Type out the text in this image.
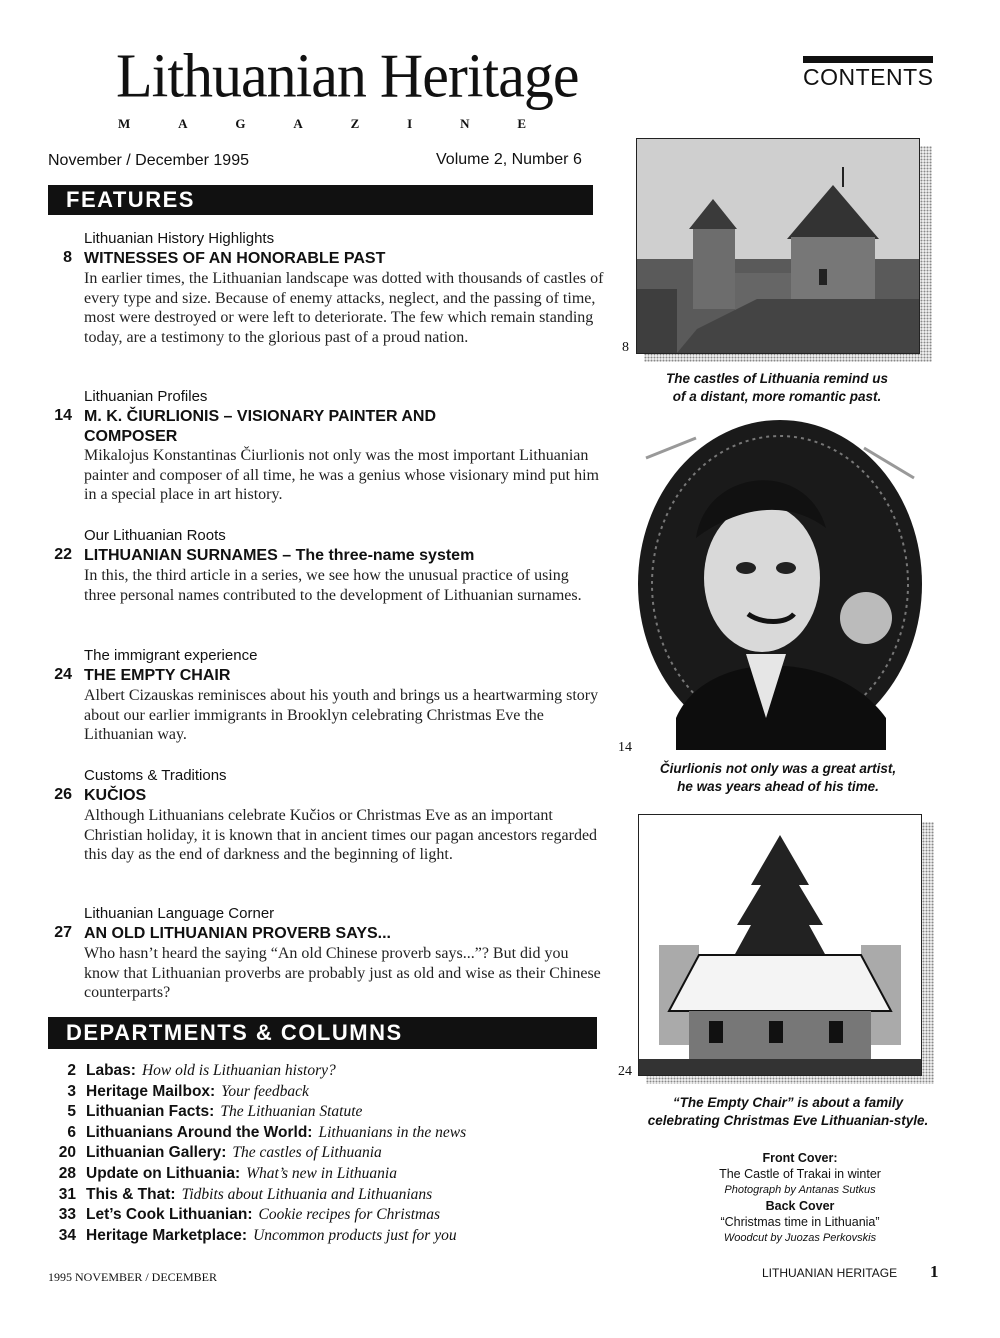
Lithuanian Heritage
M	A	G	A	Z	I	N	E
CONTENTS
November / December 1995	Volume 2, Number 6
FEATURES
Lithuanian History Highlights
8 WITNESSES OF AN HONORABLE PAST
In earlier times, the Lithuanian landscape was dotted with thousands of castles of every type and size. Because of enemy attacks, neglect, and the passing of time, most were destroyed or were left to deteriorate. The few which remain standing today, are a testimony to the glorious past of a proud nation.
Lithuanian Profiles
14 M. K. ČIURLIONIS – VISIONARY PAINTER AND COMPOSER
Mikalojus Konstantinas Čiurlionis not only was the most important Lithuanian painter and composer of all time, he was a genius whose visionary mind put him in a special place in art history.
Our Lithuanian Roots
22 LITHUANIAN SURNAMES – The three-name system
In this, the third article in a series, we see how the unusual practice of using three personal names contributed to the development of Lithuanian surnames.
The immigrant experience
24 THE EMPTY CHAIR
Albert Cizauskas reminisces about his youth and brings us a heartwarming story about our earlier immigrants in Brooklyn celebrating Christmas Eve the Lithuanian way.
Customs & Traditions
26 KUČIOS
Although Lithuanians celebrate Kučios or Christmas Eve as an important Christian holiday, it is known that in ancient times our pagan ancestors regarded this day as the end of darkness and the beginning of light.
Lithuanian Language Corner
27 AN OLD LITHUANIAN PROVERB SAYS...
Who hasn’t heard the saying “An old Chinese proverb says...”? But did you know that Lithuanian proverbs are probably just as old and wise as their Chinese counterparts?
DEPARTMENTS & COLUMNS
2 Labas: How old is Lithuanian history?
3 Heritage Mailbox: Your feedback
5 Lithuanian Facts: The Lithuanian Statute
6 Lithuanians Around the World: Lithuanians in the news
20 Lithuanian Gallery: The castles of Lithuania
28 Update on Lithuania: What’s new in Lithuania
31 This & That: Tidbits about Lithuania and Lithuanians
33 Let’s Cook Lithuanian: Cookie recipes for Christmas
34 Heritage Marketplace: Uncommon products just for you
8
The castles of Lithuania remind us
of a distant, more romantic past.
14
Čiurlionis not only was a great artist,
he was years ahead of his time.
24
“The Empty Chair” is about a family
celebrating Christmas Eve Lithuanian-style.
Front Cover:
The Castle of Trakai in winter
Photograph by Antanas Sutkus
Back Cover
“Christmas time in Lithuania”
Woodcut by Juozas Perkovskis
1995 NOVEMBER / DECEMBER	LITHUANIAN HERITAGE 1
